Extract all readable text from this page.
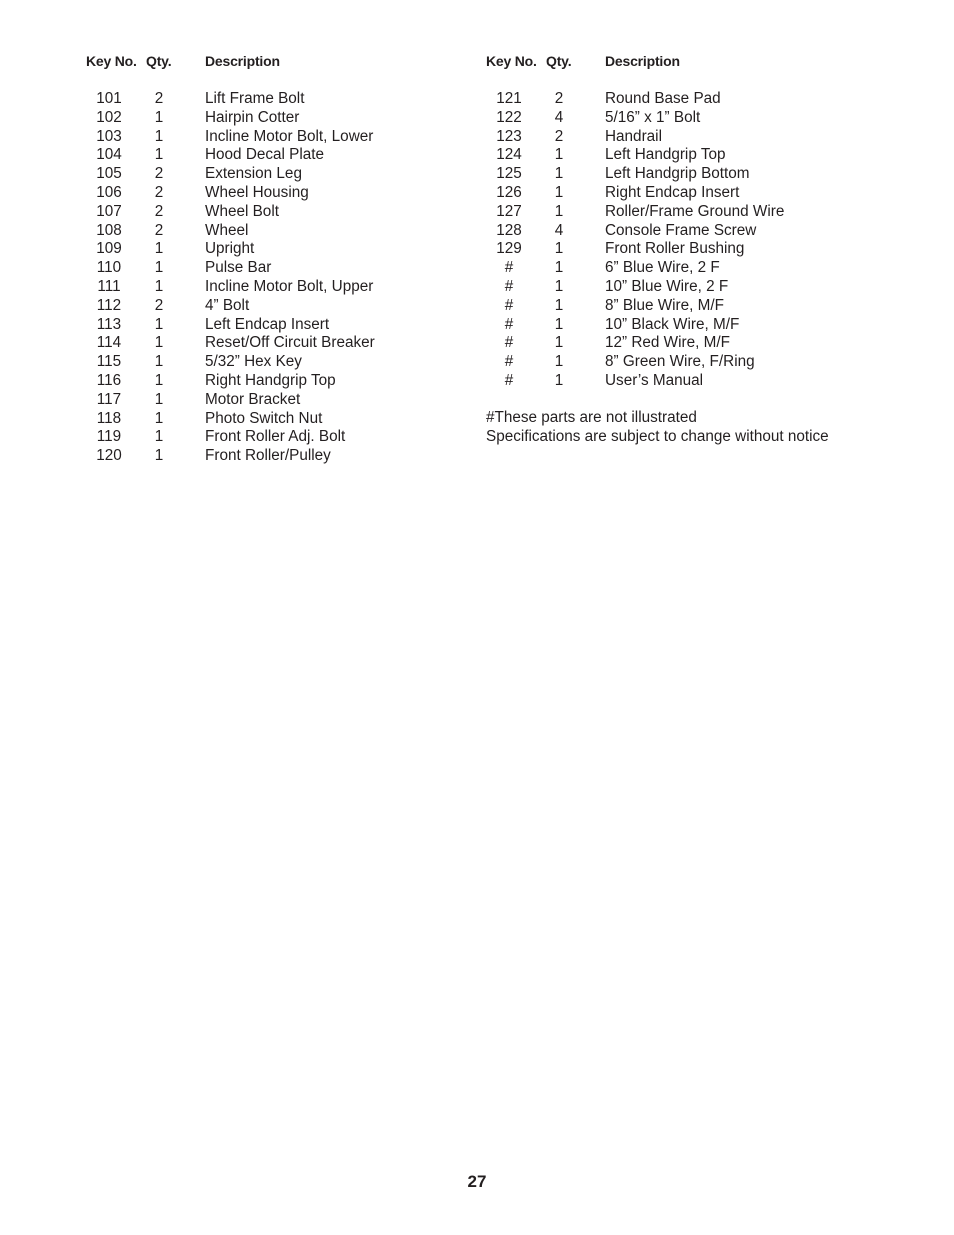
Key No. Qty. Description
101	2	Lift Frame Bolt
102	1	Hairpin Cotter
103	1	Incline Motor Bolt, Lower
104	1	Hood Decal Plate
105	2	Extension Leg
106	2	Wheel Housing
107	2	Wheel Bolt
108	2	Wheel
109	1	Upright
110	1	Pulse Bar
111	1	Incline Motor Bolt, Upper
112	2	4” Bolt
113	1	Left Endcap Insert
114	1	Reset/Off Circuit Breaker
115	1	5/32” Hex Key
116	1	Right Handgrip Top
117	1	Motor Bracket
118	1	Photo Switch Nut
119	1	Front Roller Adj. Bolt
120	1	Front Roller/Pulley
Key No. Qty. Description
121	2	Round Base Pad
122	4	5/16” x 1” Bolt
123	2	Handrail
124	1	Left Handgrip Top
125	1	Left Handgrip Bottom
126	1	Right Endcap Insert
127	1	Roller/Frame Ground Wire
128	4	Console Frame Screw
129	1	Front Roller Bushing
#	1	6” Blue Wire, 2 F
#	1	10” Blue Wire, 2 F
#	1	8” Blue Wire, M/F
#	1	10” Black Wire, M/F
#	1	12” Red Wire, M/F
#	1	8” Green Wire, F/Ring
#	1	User’s Manual
#These parts are not illustrated
Specifications are subject to change without notice
27
